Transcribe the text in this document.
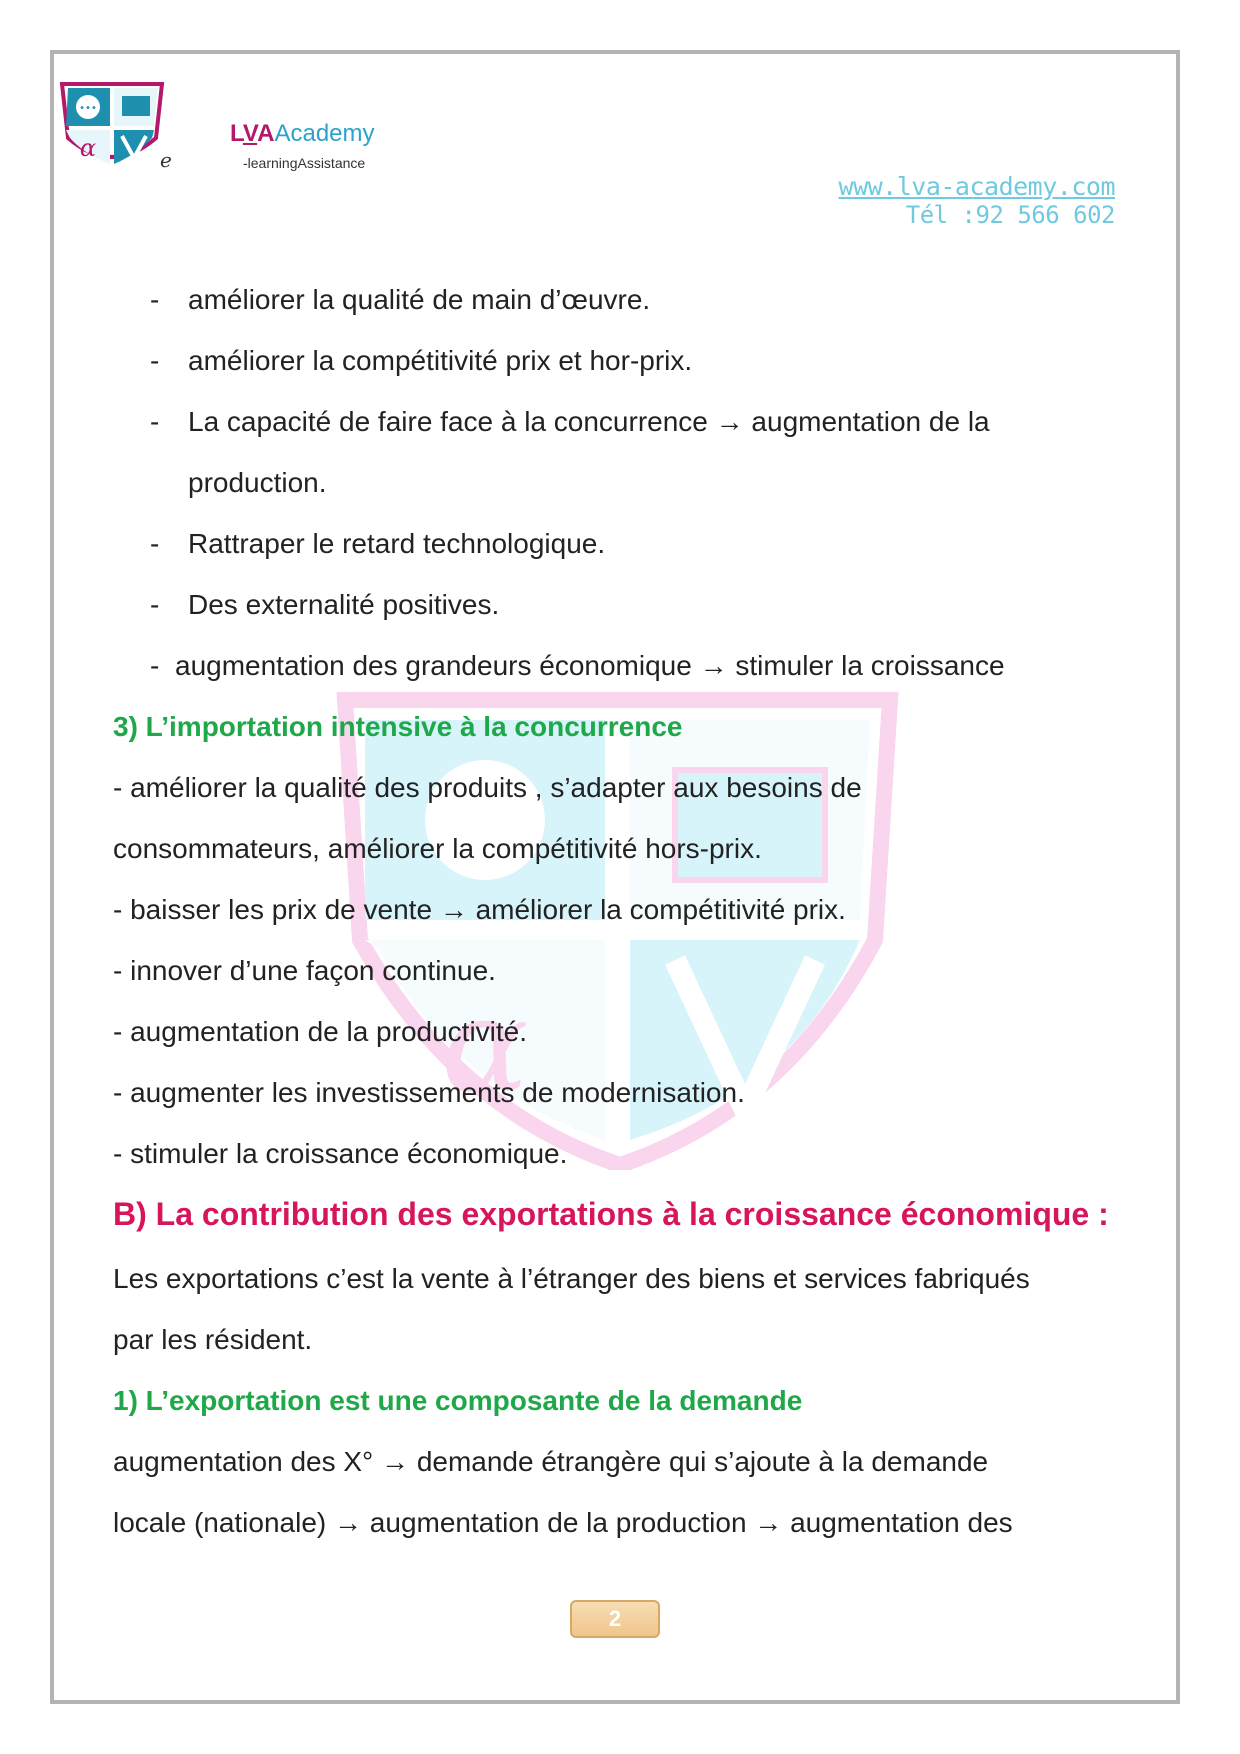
•••
α	e
LVAAcademy
-learningAssistance
www.lva-academy.com
Tél :92 566 602
α
- améliorer la qualité de main d’œuvre.
- améliorer la compétitivité prix et hor-prix.
- La capacité de faire face à la concurrence → augmentation de la
production.
- Rattraper le retard technologique.
- Des externalité positives.
- augmentation des grandeurs économique → stimuler la croissance
3) L’importation intensive à la concurrence
- améliorer la qualité des produits , s’adapter aux besoins de
consommateurs, améliorer la compétitivité hors-prix.
- baisser les prix de vente → améliorer la compétitivité prix.
- innover d’une façon continue.
- augmentation de la productivité.
- augmenter les investissements de modernisation.
- stimuler la croissance économique.
B) La contribution des exportations à la croissance économique :
Les exportations c’est la vente à l’étranger des biens et services fabriqués
par les résident.
1) L’exportation est une composante de la demande
augmentation des X° → demande étrangère qui s’ajoute à la demande
locale (nationale) → augmentation de la production → augmentation des
2
